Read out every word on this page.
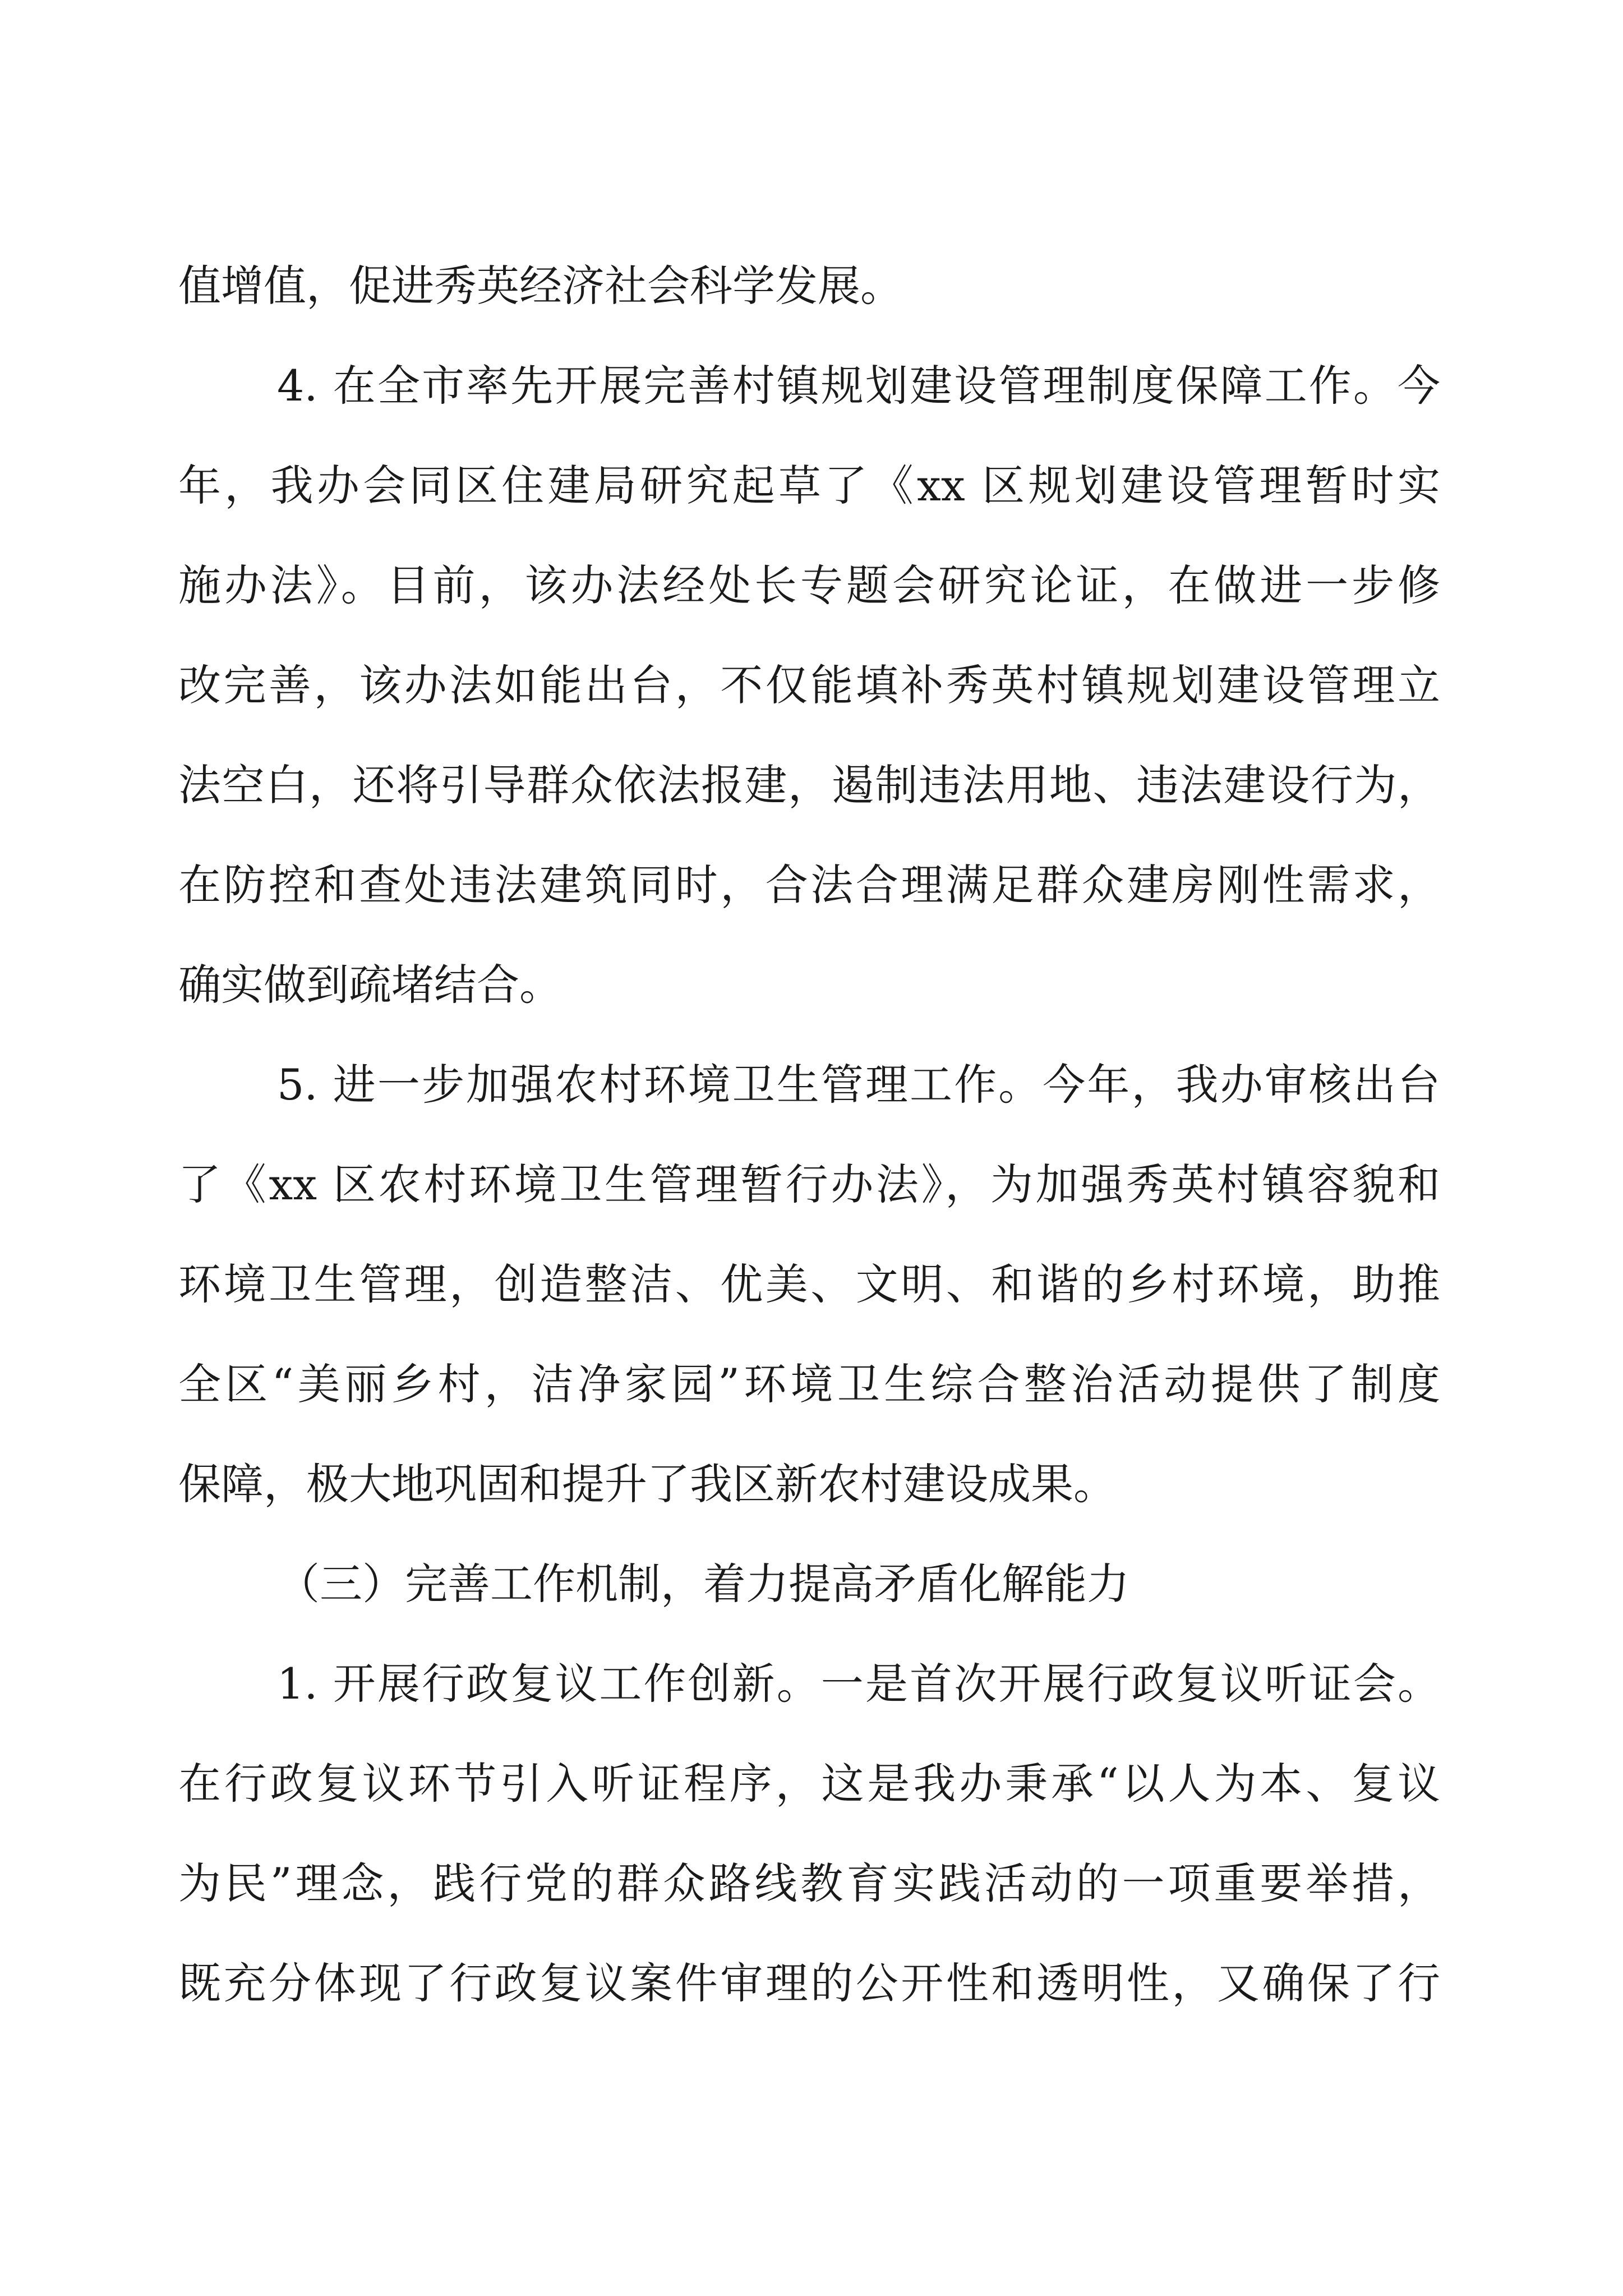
值增值，促进秀英经济社会科学发展。

4. 在全市率先开展完善村镇规划建设管理制度保障工作。今

年，我办会同区住建局研究起草了《xx 区规划建设管理暂时实

施办法》。目前，该办法经处长专题会研究论证，在做进一步修

改完善，该办法如能出台，不仅能填补秀英村镇规划建设管理立

法空白，还将引导群众依法报建，遏制违法用地、违法建设行为，

在防控和查处违法建筑同时，合法合理满足群众建房刚性需求，

确实做到疏堵结合。

5. 进一步加强农村环境卫生管理工作。今年，我办审核出台

了《xx 区农村环境卫生管理暂行办法》，为加强秀英村镇容貌和

环境卫生管理，创造整洁、优美、文明、和谐的乡村环境，助推

全区“美丽乡村，洁净家园”环境卫生综合整治活动提供了制度

保障，极大地巩固和提升了我区新农村建设成果。

（三）完善工作机制，着力提高矛盾化解能力

1. 开展行政复议工作创新。一是首次开展行政复议听证会。

在行政复议环节引入听证程序，这是我办秉承“以人为本、复议

为民”理念，践行党的群众路线教育实践活动的一项重要举措，

既充分体现了行政复议案件审理的公开性和透明性，又确保了行
